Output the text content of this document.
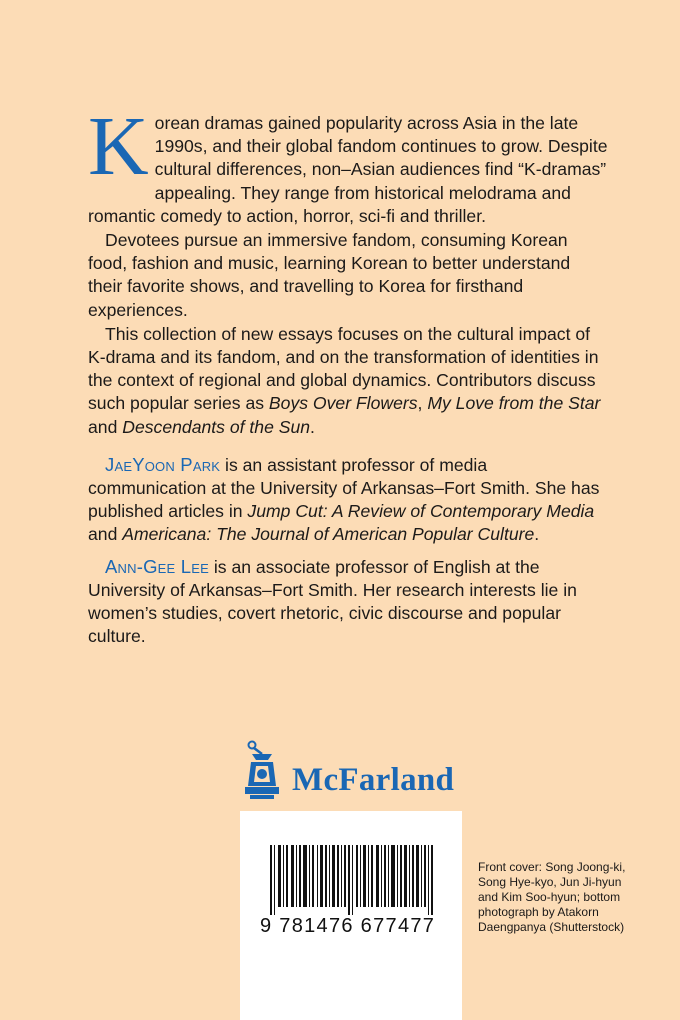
Korean dramas gained popularity across Asia in the late 1990s, and their global fandom continues to grow. Despite cultural differences, non–Asian audiences find “K-dramas” appealing. They range from historical melodrama and romantic comedy to action, horror, sci-fi and thriller.

Devotees pursue an immersive fandom, consuming Korean food, fashion and music, learning Korean to better understand their favorite shows, and travelling to Korea for firsthand experiences.

This collection of new essays focuses on the cultural impact of K-drama and its fandom, and on the transformation of identities in the context of regional and global dynamics. Contributors discuss such popular series as Boys Over Flowers, My Love from the Star and Descendants of the Sun.

JaeYoon Park is an assistant professor of media communication at the University of Arkansas–Fort Smith. She has published articles in Jump Cut: A Review of Contemporary Media and Americana: The Journal of American Popular Culture.

Ann-Gee Lee is an associate professor of English at the University of Arkansas–Fort Smith. Her research interests lie in women’s studies, covert rhetoric, civic discourse and popular culture.

McFarland
9 781476 677477
Front cover: Song Joong-ki, Song Hye-kyo, Jun Ji-hyun and Kim Soo-hyun; bottom photograph by Atakorn Daengpanya (Shutterstock)
